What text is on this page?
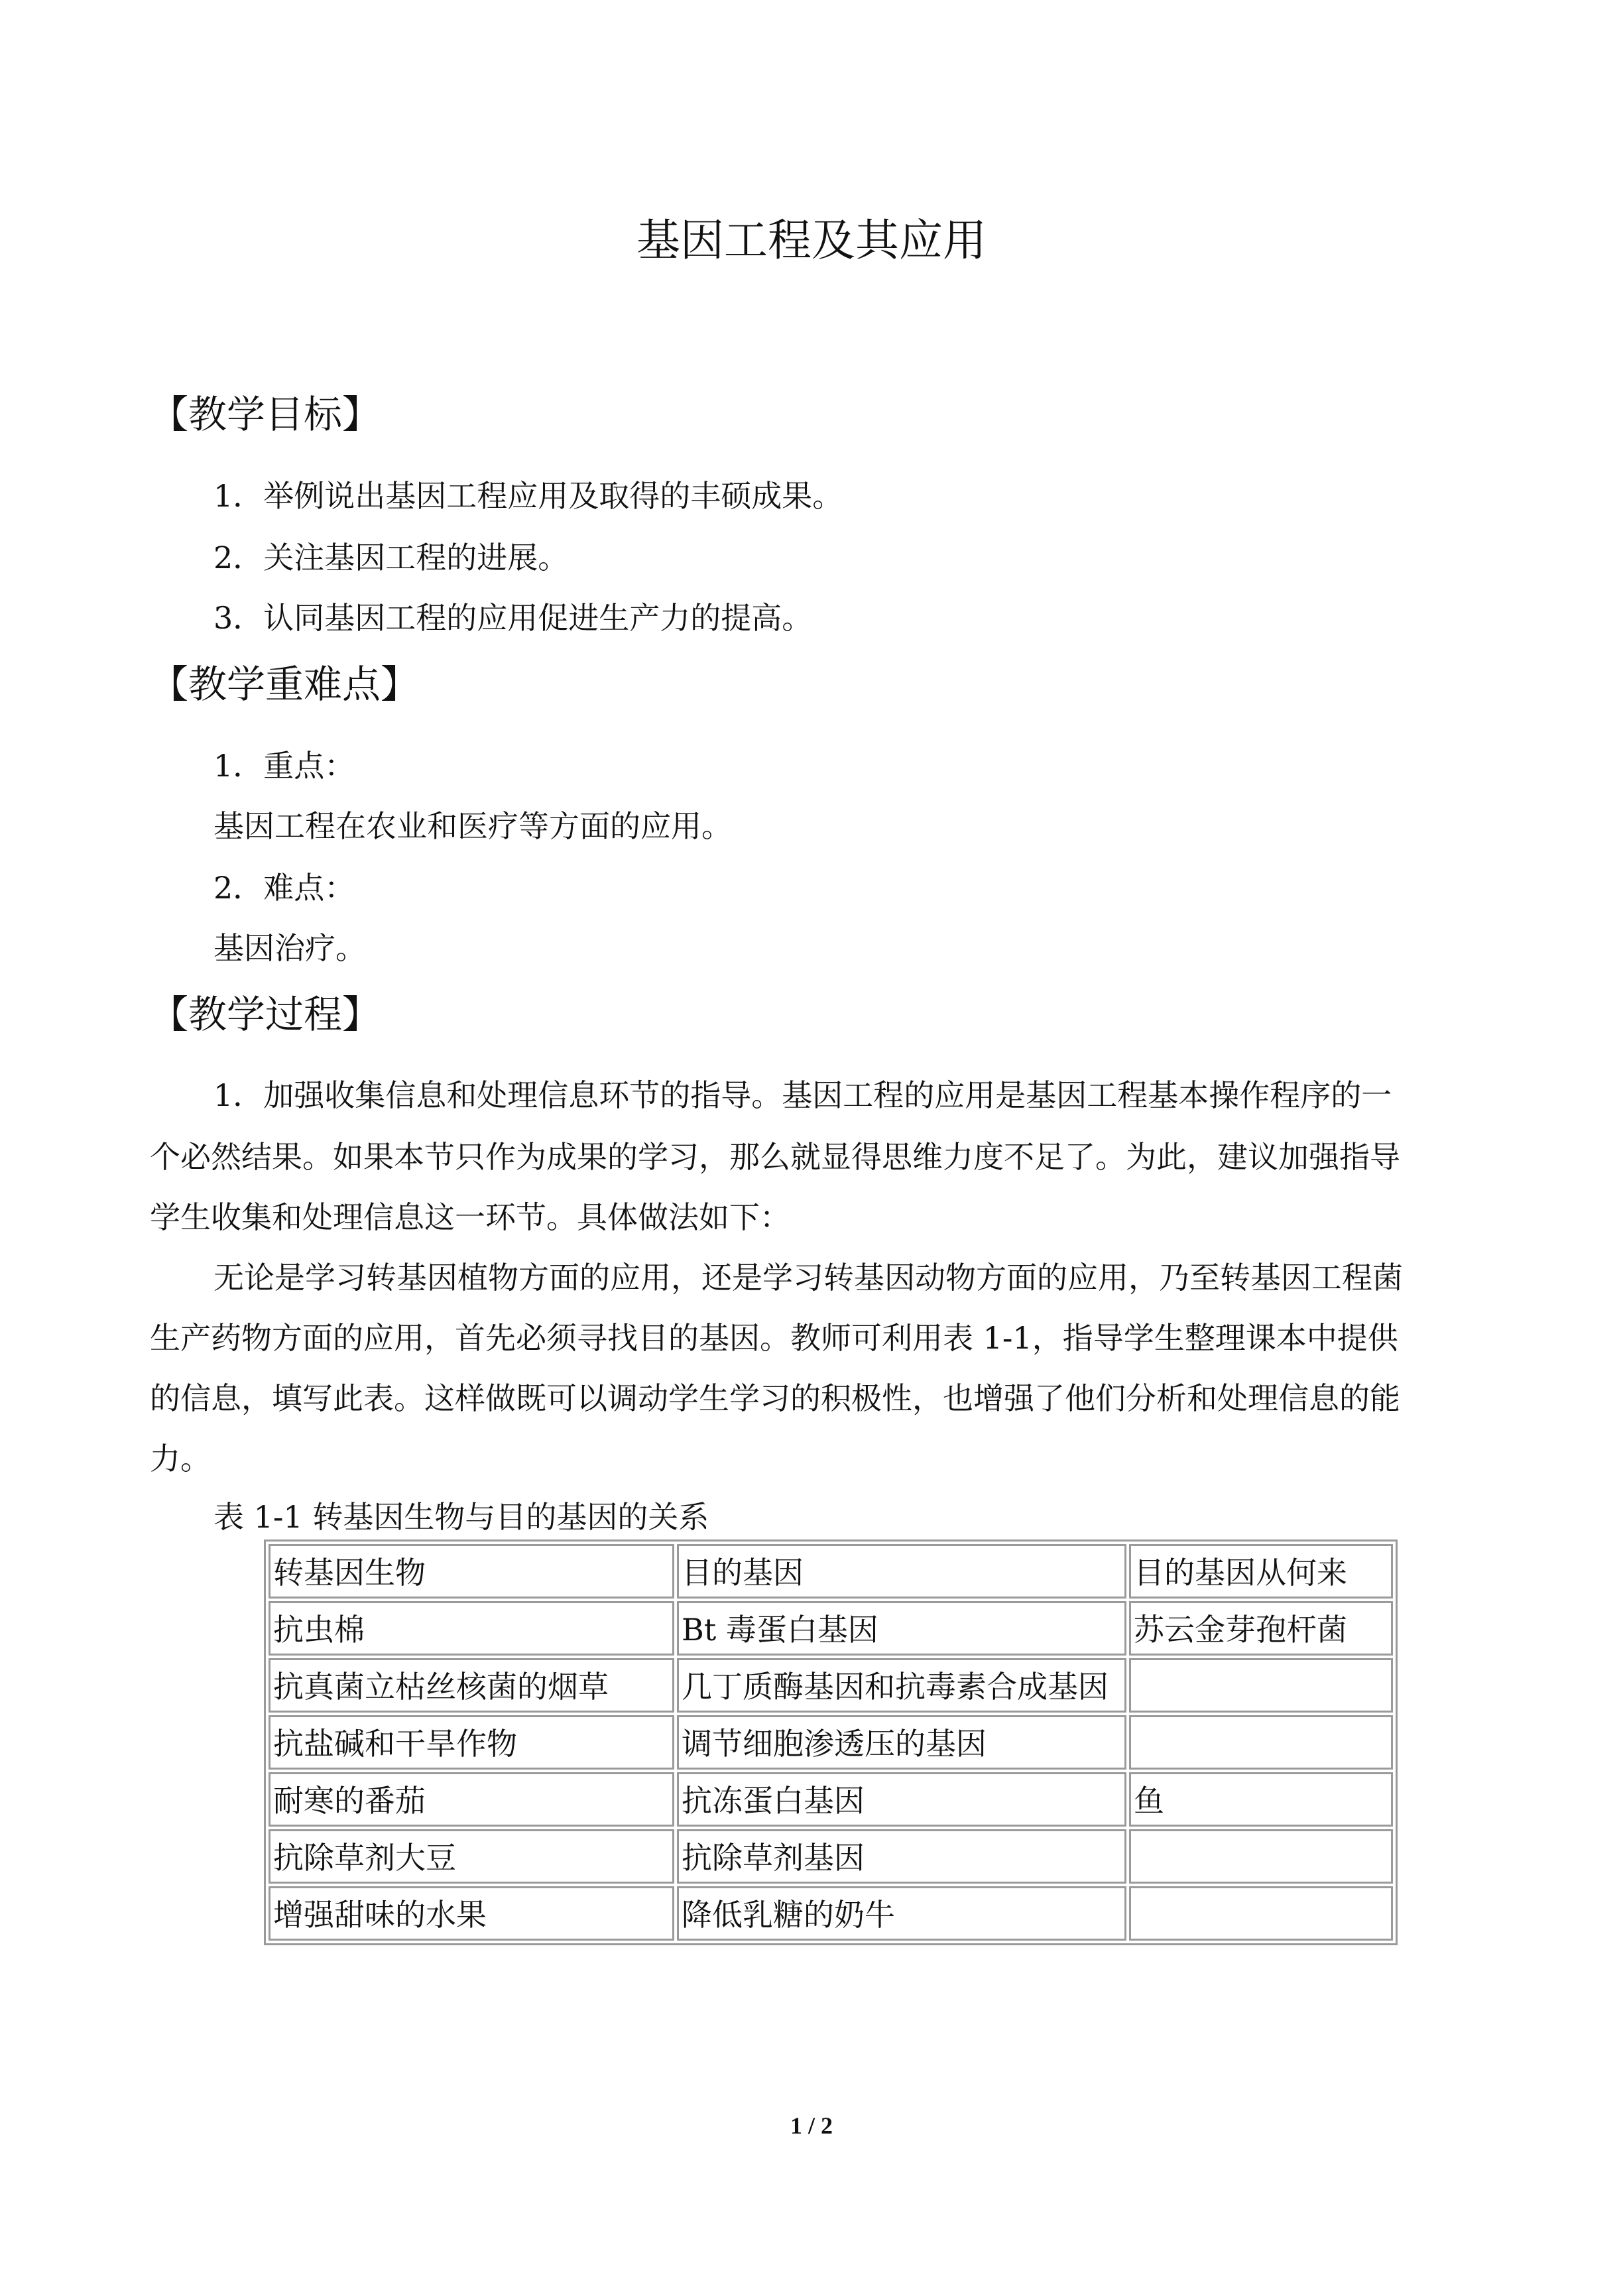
基因工程及其应用
【教学目标】
1．举例说出基因工程应用及取得的丰硕成果。
2．关注基因工程的进展。
3．认同基因工程的应用促进生产力的提高。
【教学重难点】
1．重点：
基因工程在农业和医疗等方面的应用。
2．难点：
基因治疗。
【教学过程】
1．加强收集信息和处理信息环节的指导。基因工程的应用是基因工程基本操作程序的一
个必然结果。如果本节只作为成果的学习，那么就显得思维力度不足了。为此，建议加强指导
学生收集和处理信息这一环节。具体做法如下：
无论是学习转基因植物方面的应用，还是学习转基因动物方面的应用，乃至转基因工程菌
生产药物方面的应用，首先必须寻找目的基因。教师可利用表 1-1，指导学生整理课本中提供
的信息，填写此表。这样做既可以调动学生学习的积极性，也增强了他们分析和处理信息的能
力。
表 1-1 转基因生物与目的基因的关系
转基因生物	目的基因	目的基因从何来
抗虫棉	Bt 毒蛋白基因	苏云金芽孢杆菌
抗真菌立枯丝核菌的烟草	几丁质酶基因和抗毒素合成基因	
抗盐碱和干旱作物	调节细胞渗透压的基因	
耐寒的番茄	抗冻蛋白基因	鱼
抗除草剂大豆	抗除草剂基因	
增强甜味的水果	降低乳糖的奶牛	
1 / 2
